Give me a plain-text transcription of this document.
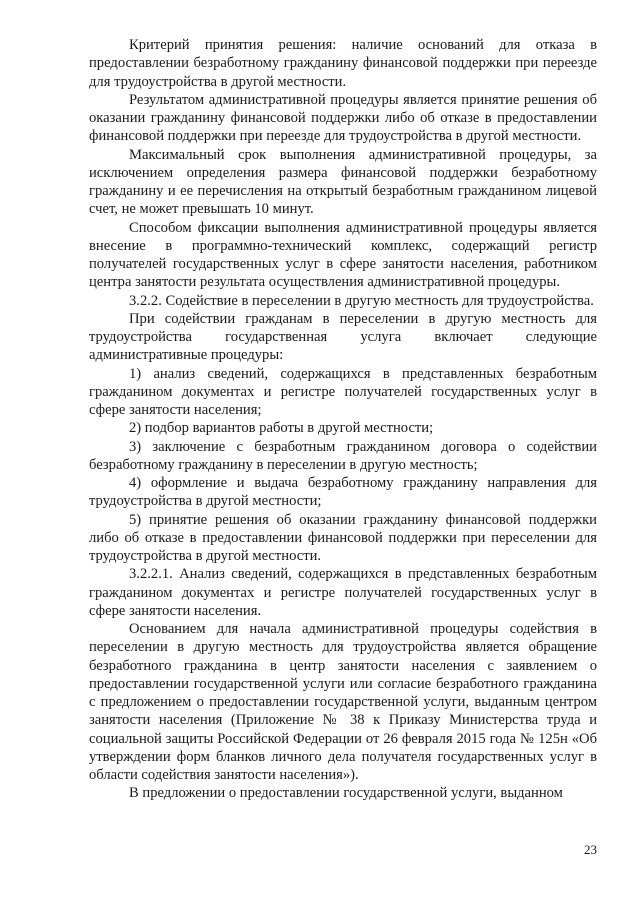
Критерий принятия решения: наличие оснований для отказа в предоставлении безработному гражданину финансовой поддержки при переезде для трудоустройства в другой местности.

Результатом административной процедуры является принятие решения об оказании гражданину финансовой поддержки либо об отказе в предоставлении финансовой поддержки при переезде для трудоустройства в другой местности.

Максимальный срок выполнения административной процедуры, за исключением определения размера финансовой поддержки безработному гражданину и ее перечисления на открытый безработным гражданином лицевой счет, не может превышать 10 минут.

Способом фиксации выполнения административной процедуры является внесение в программно-технический комплекс, содержащий регистр получателей государственных услуг в сфере занятости населения, работником центра занятости результата осуществления административной процедуры.

3.2.2. Содействие в переселении в другую местность для трудоустройства.

При содействии гражданам в переселении в другую местность для трудоустройства государственная услуга включает следующие административные процедуры:

1) анализ сведений, содержащихся в представленных безработным гражданином документах и регистре получателей государственных услуг в сфере занятости населения;

2) подбор вариантов работы в другой местности;

3) заключение с безработным гражданином договора о содействии безработному гражданину в переселении в другую местность;

4) оформление и выдача безработному гражданину направления для трудоустройства в другой местности;

5) принятие решения об оказании гражданину финансовой поддержки либо об отказе в предоставлении финансовой поддержки при переселении для трудоустройства в другой местности.

3.2.2.1. Анализ сведений, содержащихся в представленных безработным гражданином документах и регистре получателей государственных услуг в сфере занятости населения.

Основанием для начала административной процедуры содействия в переселении в другую местность для трудоустройства является обращение безработного гражданина в центр занятости населения с заявлением о предоставлении государственной услуги или согласие безработного гражданина с предложением о предоставлении государственной услуги, выданным центром занятости населения (Приложение № 38 к Приказу Министерства труда и социальной защиты Российской Федерации от 26 февраля 2015 года № 125н «Об утверждении форм бланков личного дела получателя государственных услуг в области содействия занятости населения»).

В предложении о предоставлении государственной услуги, выданном

23
